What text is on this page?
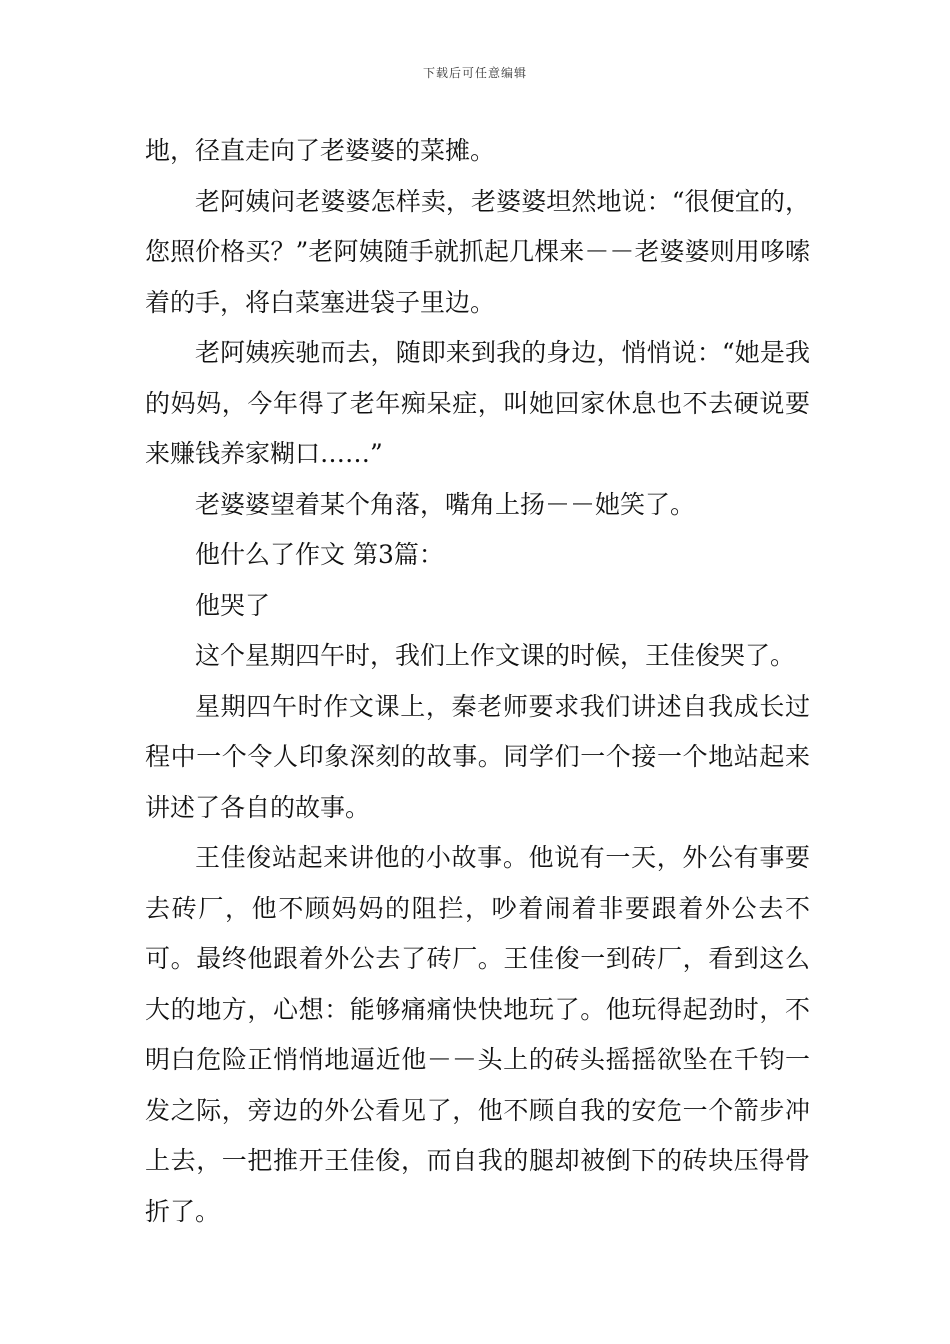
下载后可任意编辑

地，径直走向了老婆婆的菜摊。

老阿姨问老婆婆怎样卖，老婆婆坦然地说：“很便宜的，您照价格买？”老阿姨随手就抓起几棵来－－老婆婆则用哆嗦着的手，将白菜塞进袋子里边。

老阿姨疾驰而去，随即来到我的身边，悄悄说：“她是我的妈妈，今年得了老年痴呆症，叫她回家休息也不去硬说要来赚钱养家糊口……”

老婆婆望着某个角落，嘴角上扬－－她笑了。

他什么了作文 第3篇：

他哭了

这个星期四午时，我们上作文课的时候，王佳俊哭了。

星期四午时作文课上，秦老师要求我们讲述自我成长过程中一个令人印象深刻的故事。同学们一个接一个地站起来讲述了各自的故事。

王佳俊站起来讲他的小故事。他说有一天，外公有事要去砖厂，他不顾妈妈的阻拦，吵着闹着非要跟着外公去不可。最终他跟着外公去了砖厂。王佳俊一到砖厂，看到这么大的地方，心想：能够痛痛快快地玩了。他玩得起劲时，不明白危险正悄悄地逼近他－－头上的砖头摇摇欲坠在千钧一发之际，旁边的外公看见了，他不顾自我的安危一个箭步冲上去，一把推开王佳俊，而自我的腿却被倒下的砖块压得骨折了。
